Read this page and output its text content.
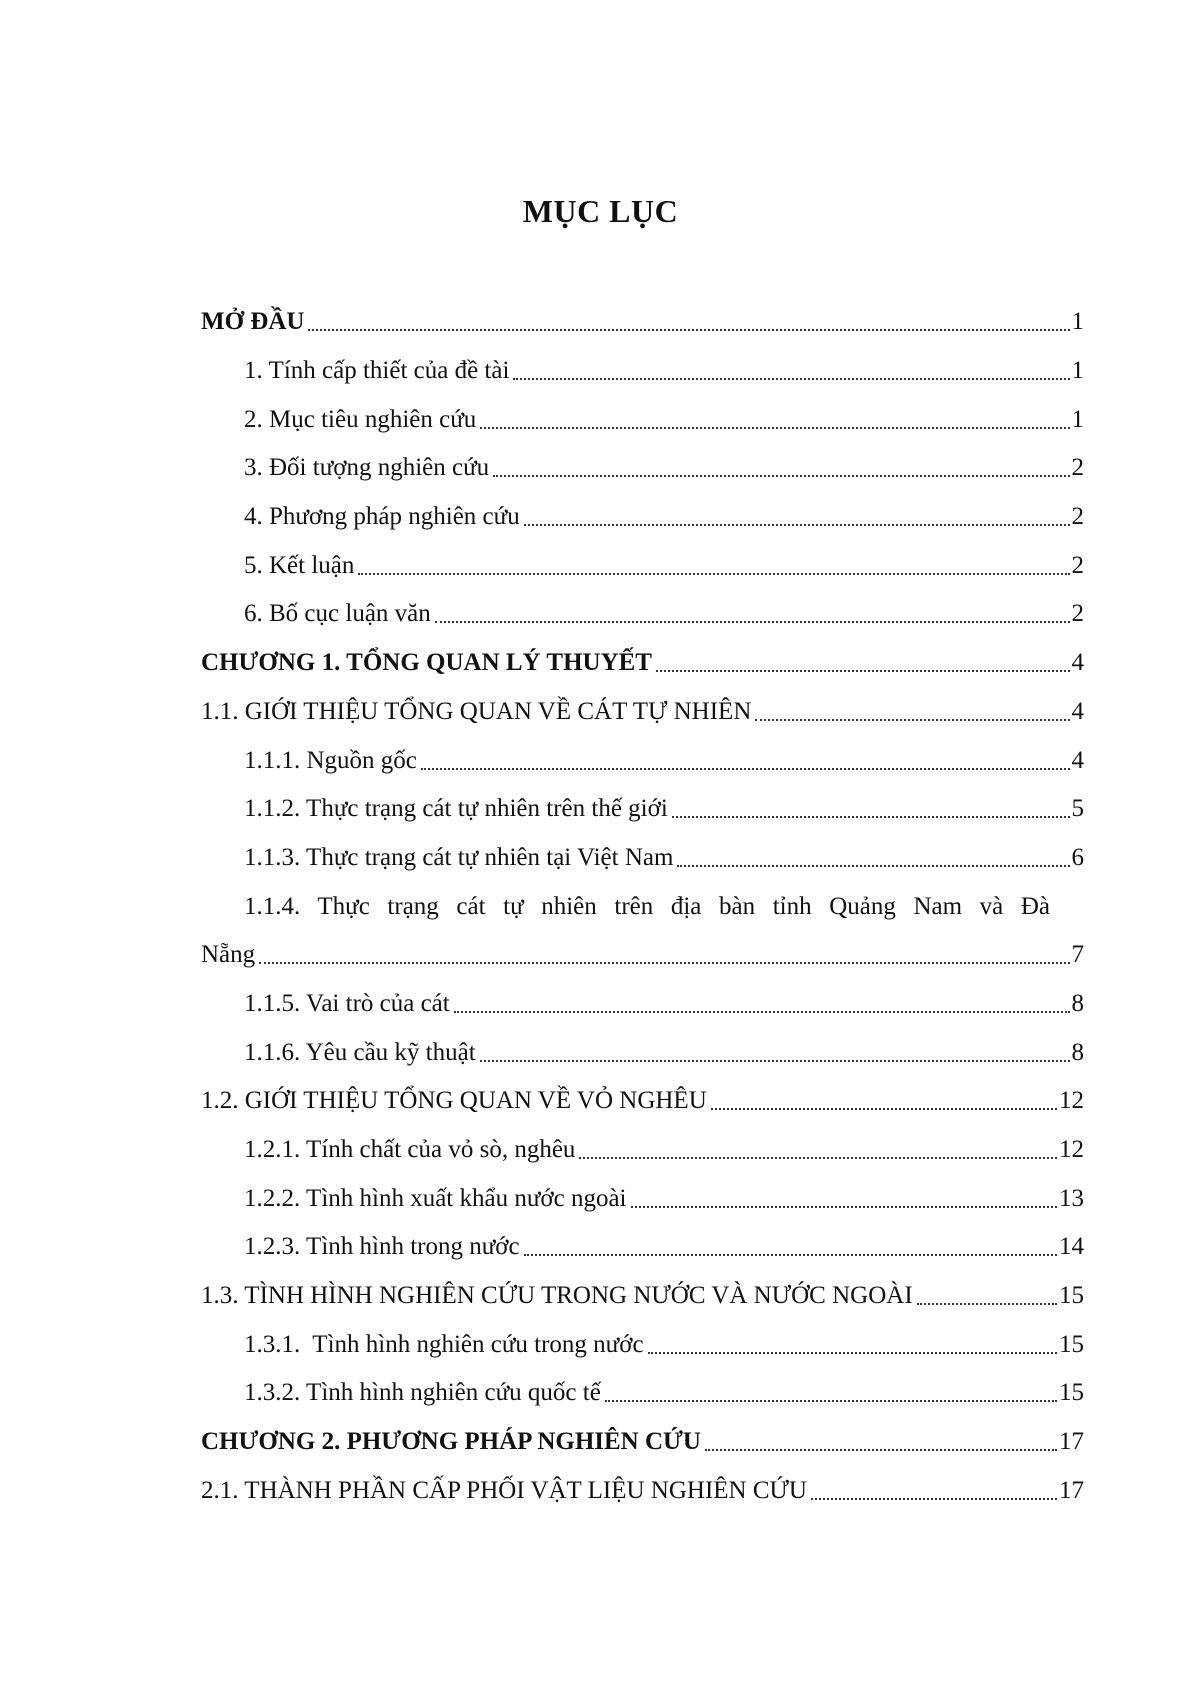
MỤC LỤC
MỞ ĐẦU	1
1. Tính cấp thiết của đề tài	1
2. Mục tiêu nghiên cứu	1
3. Đối tượng nghiên cứu	2
4. Phương pháp nghiên cứu	2
5. Kết luận	2
6. Bố cục luận văn	2
CHƯƠNG 1. TỔNG QUAN LÝ THUYẾT	4
1.1. GIỚI THIỆU TỔNG QUAN VỀ CÁT TỰ NHIÊN	4
1.1.1. Nguồn gốc	4
1.1.2. Thực trạng cát tự nhiên trên thế giới	5
1.1.3. Thực trạng cát tự nhiên tại Việt Nam	6
1.1.4. Thực trạng cát tự nhiên trên địa bàn tỉnh Quảng Nam và Đà
Nẵng	7
1.1.5. Vai trò của cát	8
1.1.6. Yêu cầu kỹ thuật	8
1.2. GIỚI THIỆU TỔNG QUAN VỀ VỎ NGHÊU	12
1.2.1. Tính chất của vỏ sò, nghêu	12
1.2.2. Tình hình xuất khẩu nước ngoài	13
1.2.3. Tình hình trong nước	14
1.3. TÌNH HÌNH NGHIÊN CỨU TRONG NƯỚC VÀ NƯỚC NGOÀI	15
1.3.1.  Tình hình nghiên cứu trong nước	15
1.3.2. Tình hình nghiên cứu quốc tế	15
CHƯƠNG 2. PHƯƠNG PHÁP NGHIÊN CỨU	17
2.1. THÀNH PHẦN CẤP PHỐI VẬT LIỆU NGHIÊN CỨU	17
